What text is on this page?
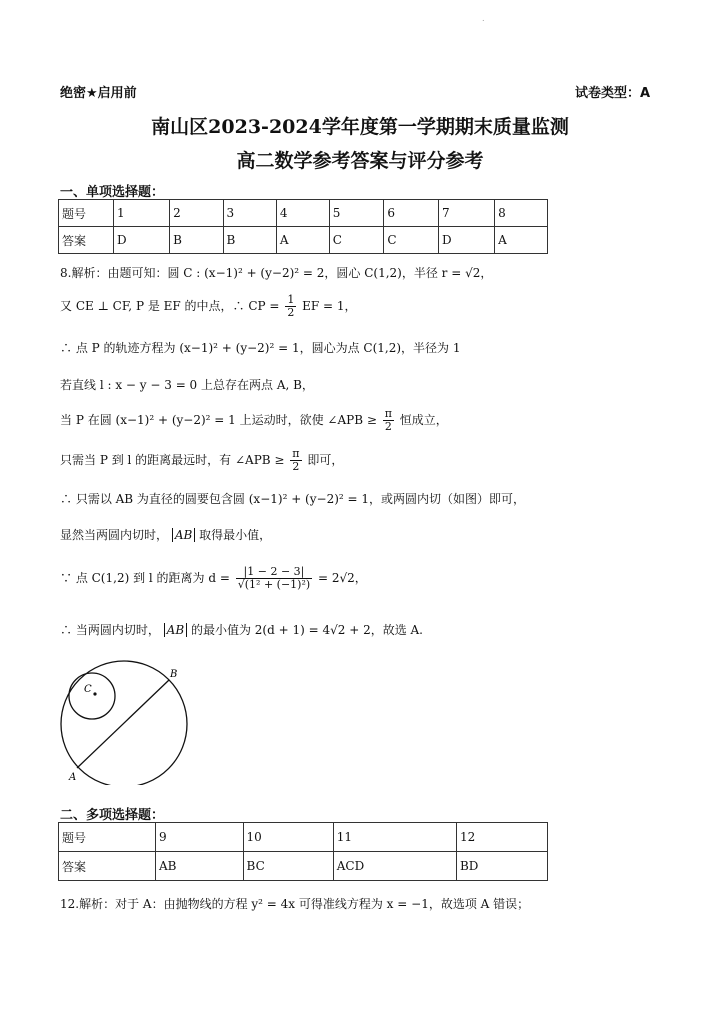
.
绝密★启用前	试卷类型：A
南山区2023-2024学年度第一学期期末质量监测
高二数学参考答案与评分参考
一、单项选择题：
题号	1	2	3	4	5	6	7	8
答案	D	B	B	A	C	C	D	A
8.解析：由题可知：圆 C : (x−1)² + (y−2)² = 2，圆心 C(1,2)，半径 r = √2，
又 CE ⊥ CF, P 是 EF 的中点，∴ CP = $\frac{1}{2}$ EF = 1，
∴ 点 P 的轨迹方程为 (x−1)² + (y−2)² = 1，圆心为点 C(1,2)，半径为 1
若直线 l : x − y − 3 = 0 上总存在两点 A, B，
当 P 在圆 (x−1)² + (y−2)² = 1 上运动时，欲使 ∠APB ≥ $\frac{\pi}{2}$ 恒成立，
只需当 P 到 l 的距离最远时，有 ∠APB ≥ $\frac{\pi}{2}$ 即可，
∴ 只需以 AB 为直径的圆要包含圆 (x−1)² + (y−2)² = 1，或两圆内切（如图）即可，
显然当两圆内切时， AB 取得最小值，
∵ 点 C(1,2) 到 l 的距离为 $d = \frac{|1 - 2 - 3|}{\text{√(1² + (−1)²)}} = 2√2$，
∴ 当两圆内切时， AB 的最小值为 2(d + 1) = 4√2 + 2，故选 A.
C
A
B
二、多项选择题：
题号	9	10	11	12
答案	AB	BC	ACD	BD
12.解析：对于 A：由抛物线的方程 y² = 4x 可得准线方程为 x = −1，故选项 A 错误；
